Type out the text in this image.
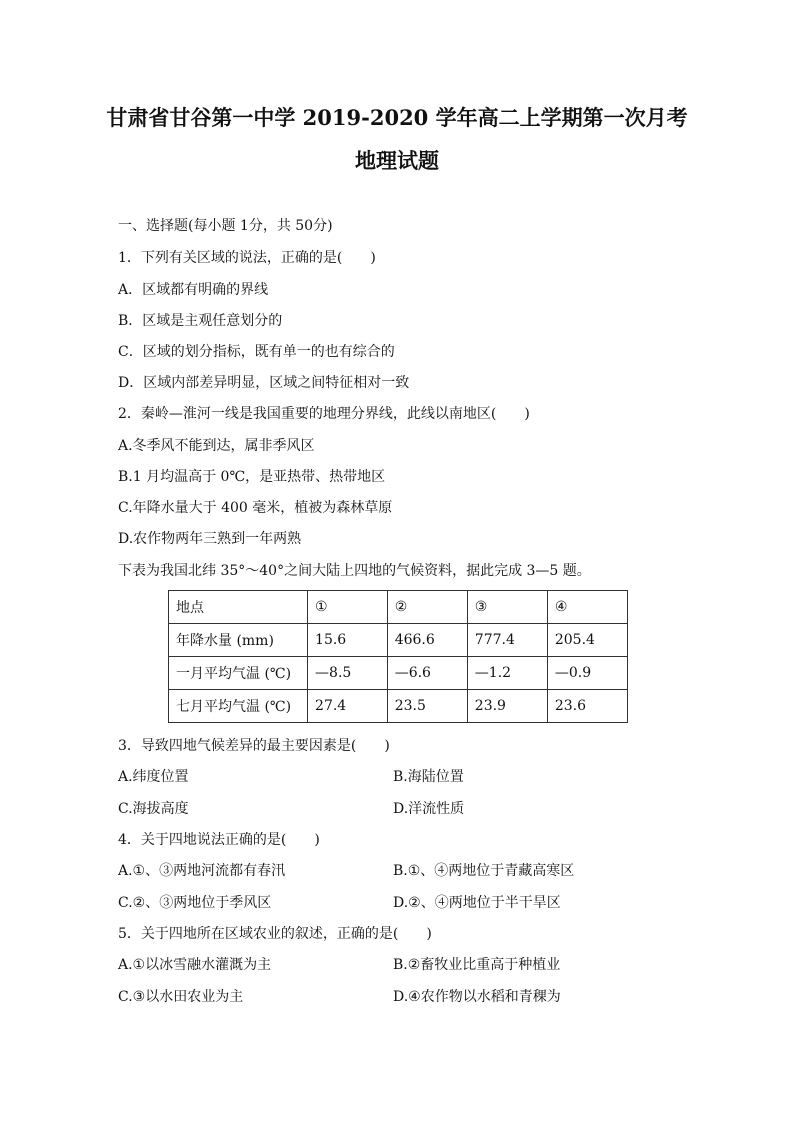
甘肃省甘谷第一中学 2019-2020 学年高二上学期第一次月考
地理试题
一、选择题(每小题 1分，共 50分)
1．下列有关区域的说法，正确的是(　　)
A．区域都有明确的界线
B．区域是主观任意划分的
C．区域的划分指标，既有单一的也有综合的
D．区域内部差异明显，区域之间特征相对一致
2．秦岭—淮河一线是我国重要的地理分界线，此线以南地区(　　)
A.冬季风不能到达，属非季风区
B.1 月均温高于 0℃，是亚热带、热带地区
C.年降水量大于 400 毫米，植被为森林草原
D.农作物两年三熟到一年两熟
下表为我国北纬 35°～40°之间大陆上四地的气候资料，据此完成 3—5 题。
地点	①	②	③	④
年降水量 (mm)	15.6	466.6	777.4	205.4
一月平均气温 (℃)	—8.5	—6.6	—1.2	—0.9
七月平均气温 (℃)	27.4	23.5	23.9	23.6
3．导致四地气候差异的最主要因素是(　　)
A.纬度位置	B.海陆位置
C.海拔高度	D.洋流性质
4．关于四地说法正确的是(　　)
A.①、③两地河流都有春汛	B.①、④两地位于青藏高寒区
C.②、③两地位于季风区	D.②、④两地位于半干旱区
5．关于四地所在区域农业的叙述，正确的是(　　)
A.①以冰雪融水灌溉为主	B.②畜牧业比重高于种植业
C.③以水田农业为主	D.④农作物以水稻和青稞为
